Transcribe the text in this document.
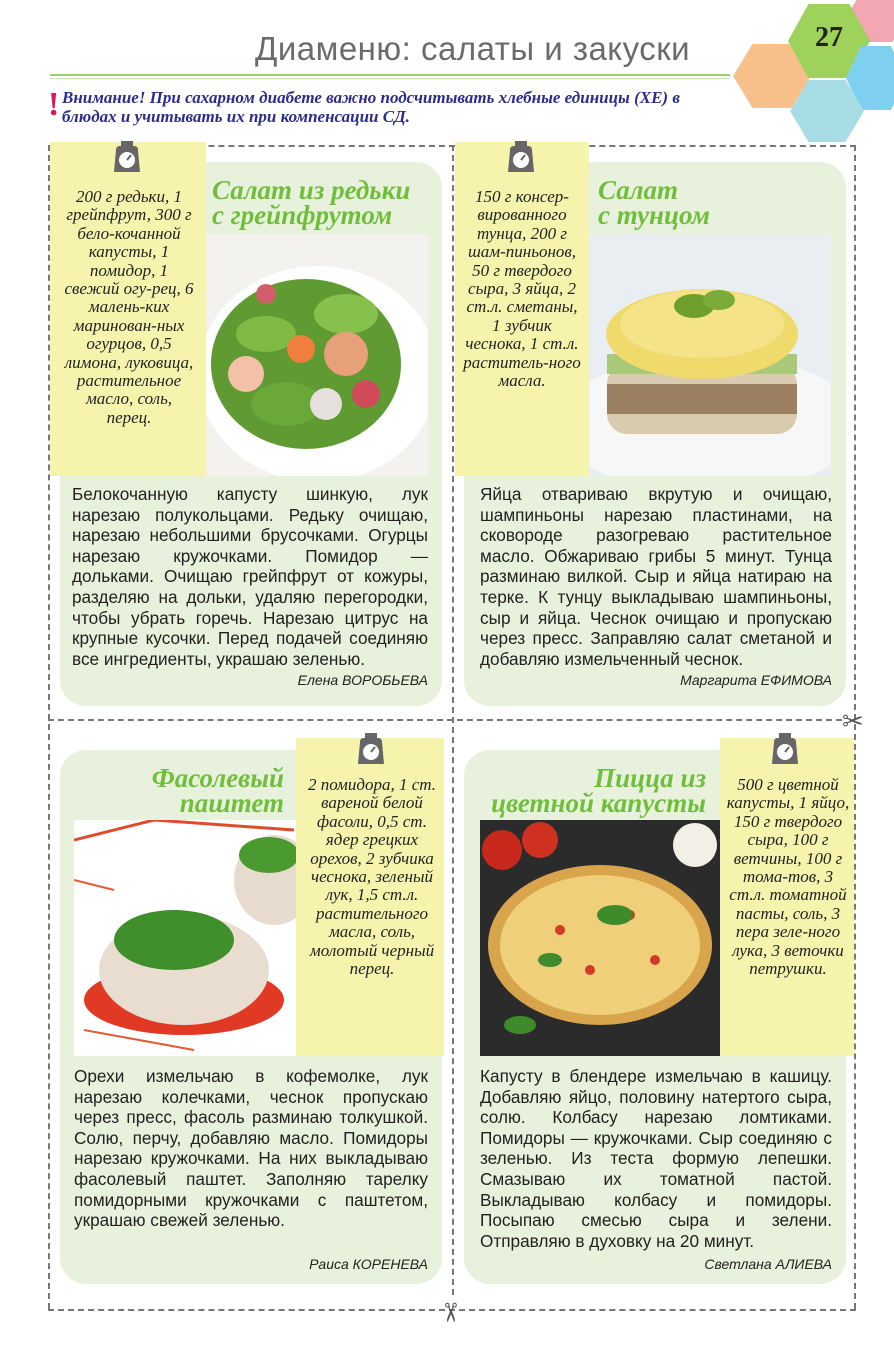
Диаменю: салаты и закуски
! Внимание! При сахарном диабете важно подсчитывать хлебные единицы (ХЕ) в блюдах и учитывать их при компенсации СД.
27
✂
✂
200 г редьки, 1 грейпфрут, 300 г бело-кочанной капусты, 1 помидор, 1 свежий огу-рец, 6 малень-ких маринован-ных огурцов, 0,5 лимона, луковица, растительное масло, соль, перец.
Салат из редьки
с грейпфрутом
Белокочанную капусту шинкую, лук нарезаю полукольцами. Редьку очищаю, нарезаю небольшими брусочками. Огурцы нарезаю кружочками. Помидор — дольками. Очищаю грейпфрут от кожуры, разделяю на дольки, удаляю перегородки, чтобы убрать горечь. Нарезаю цитрус на крупные кусочки. Перед подачей соединяю все ингредиенты, украшаю зеленью.
Елена ВОРОБЬЕВА
150 г консер-вированного тунца, 200 г шам-пиньонов, 50 г твердого сыра, 3 яйца, 2 ст.л. сметаны, 1 зубчик чеснока, 1 ст.л. раститель-ного масла.
Салат
с тунцом
Яйца отвариваю вкрутую и очищаю, шампиньоны нарезаю пластинами, на сковороде разогреваю растительное масло. Обжариваю грибы 5 минут. Тунца разминаю вилкой. Сыр и яйца натираю на терке. К тунцу выкладываю шампиньоны, сыр и яйца. Чеснок очищаю и пропускаю через пресс. Заправляю салат сметаной и добавляю измельченный чеснок.
Маргарита ЕФИМОВА
2 помидора, 1 ст. вареной белой фасоли, 0,5 ст. ядер грецких орехов, 2 зубчика чеснока, зеленый лук, 1,5 ст.л. растительного масла, соль, молотый черный перец.
Фасолевый
паштет
Орехи измельчаю в кофемолке, лук нарезаю колечками, чеснок пропускаю через пресс, фасоль разминаю толкушкой. Солю, перчу, добавляю масло. Помидоры нарезаю кружочками. На них выкладываю фасолевый паштет. Заполняю тарелку помидорными кружочками с паштетом, украшаю свежей зеленью.
Раиса КОРЕНЕВА
500 г цветной капусты, 1 яйцо, 150 г твердого сыра, 100 г ветчины, 100 г тома-тов, 3 ст.л. томатной пасты, соль, 3 пера зеле-ного лука, 3 веточки петрушки.
Пицца из
цветной капусты
Капусту в блендере измельчаю в кашицу. Добавляю яйцо, половину натертого сыра, солю. Колбасу нарезаю ломтиками. Помидоры — кружочками. Сыр соединяю с зеленью. Из теста формую лепешки. Смазываю их томатной пастой. Выкладываю колбасу и помидоры. Посыпаю смесью сыра и зелени. Отправляю в духовку на 20 минут.
Светлана АЛИЕВА
